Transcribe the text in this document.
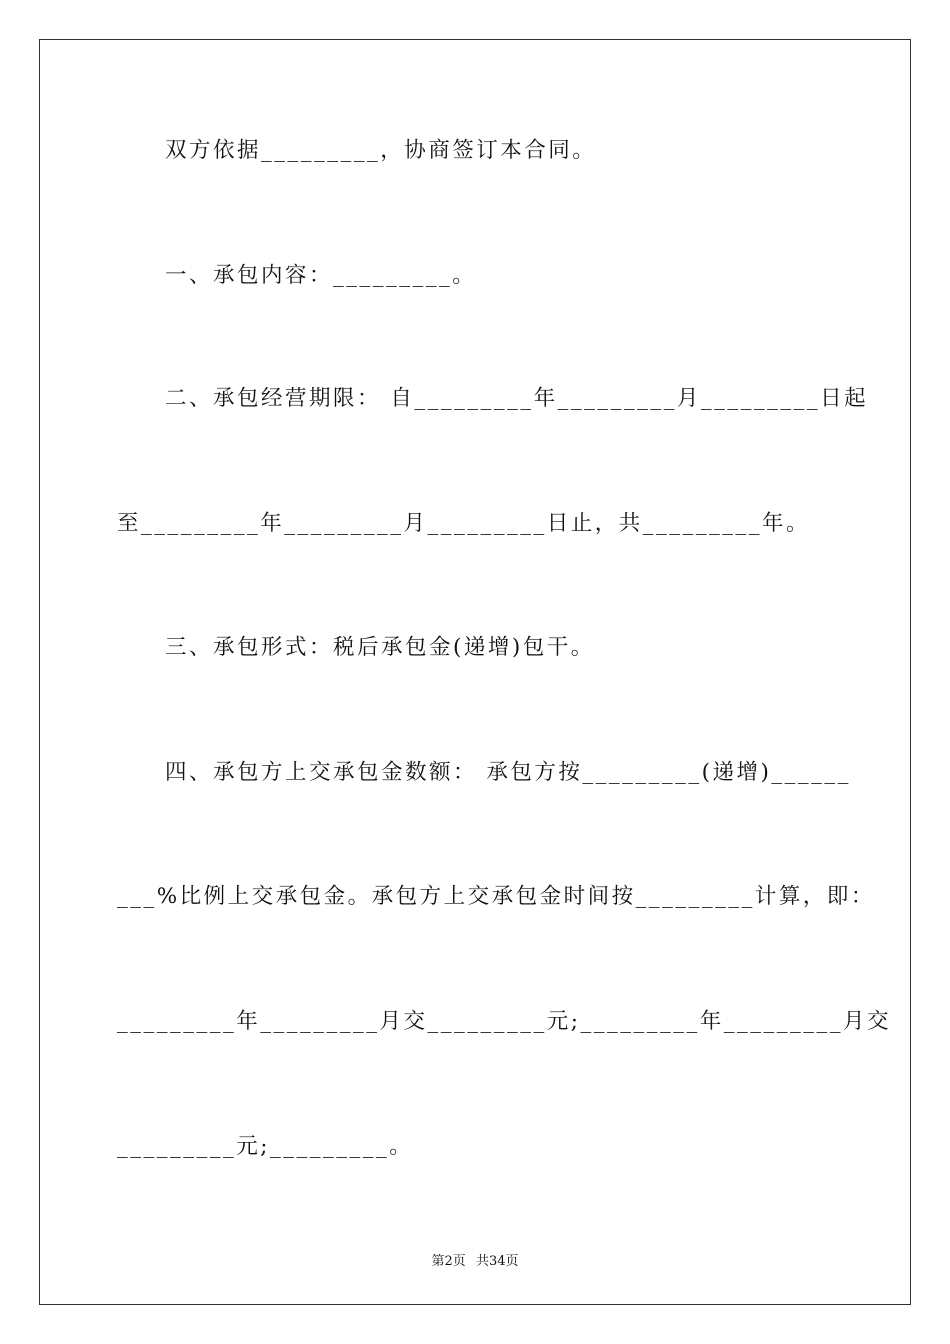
双方依据_________，协商签订本合同。
一、承包内容：_________。
二、承包经营期限： 自_________年_________月_________日起
至_________年_________月_________日止，共_________年。
三、承包形式：税后承包金(递增)包干。
四、承包方上交承包金数额： 承包方按_________(递增)______
___%比例上交承包金。承包方上交承包金时间按_________计算，即：
_________年_________月交_________元;_________年_________月交
_________元;_________。
第2页 共34页
